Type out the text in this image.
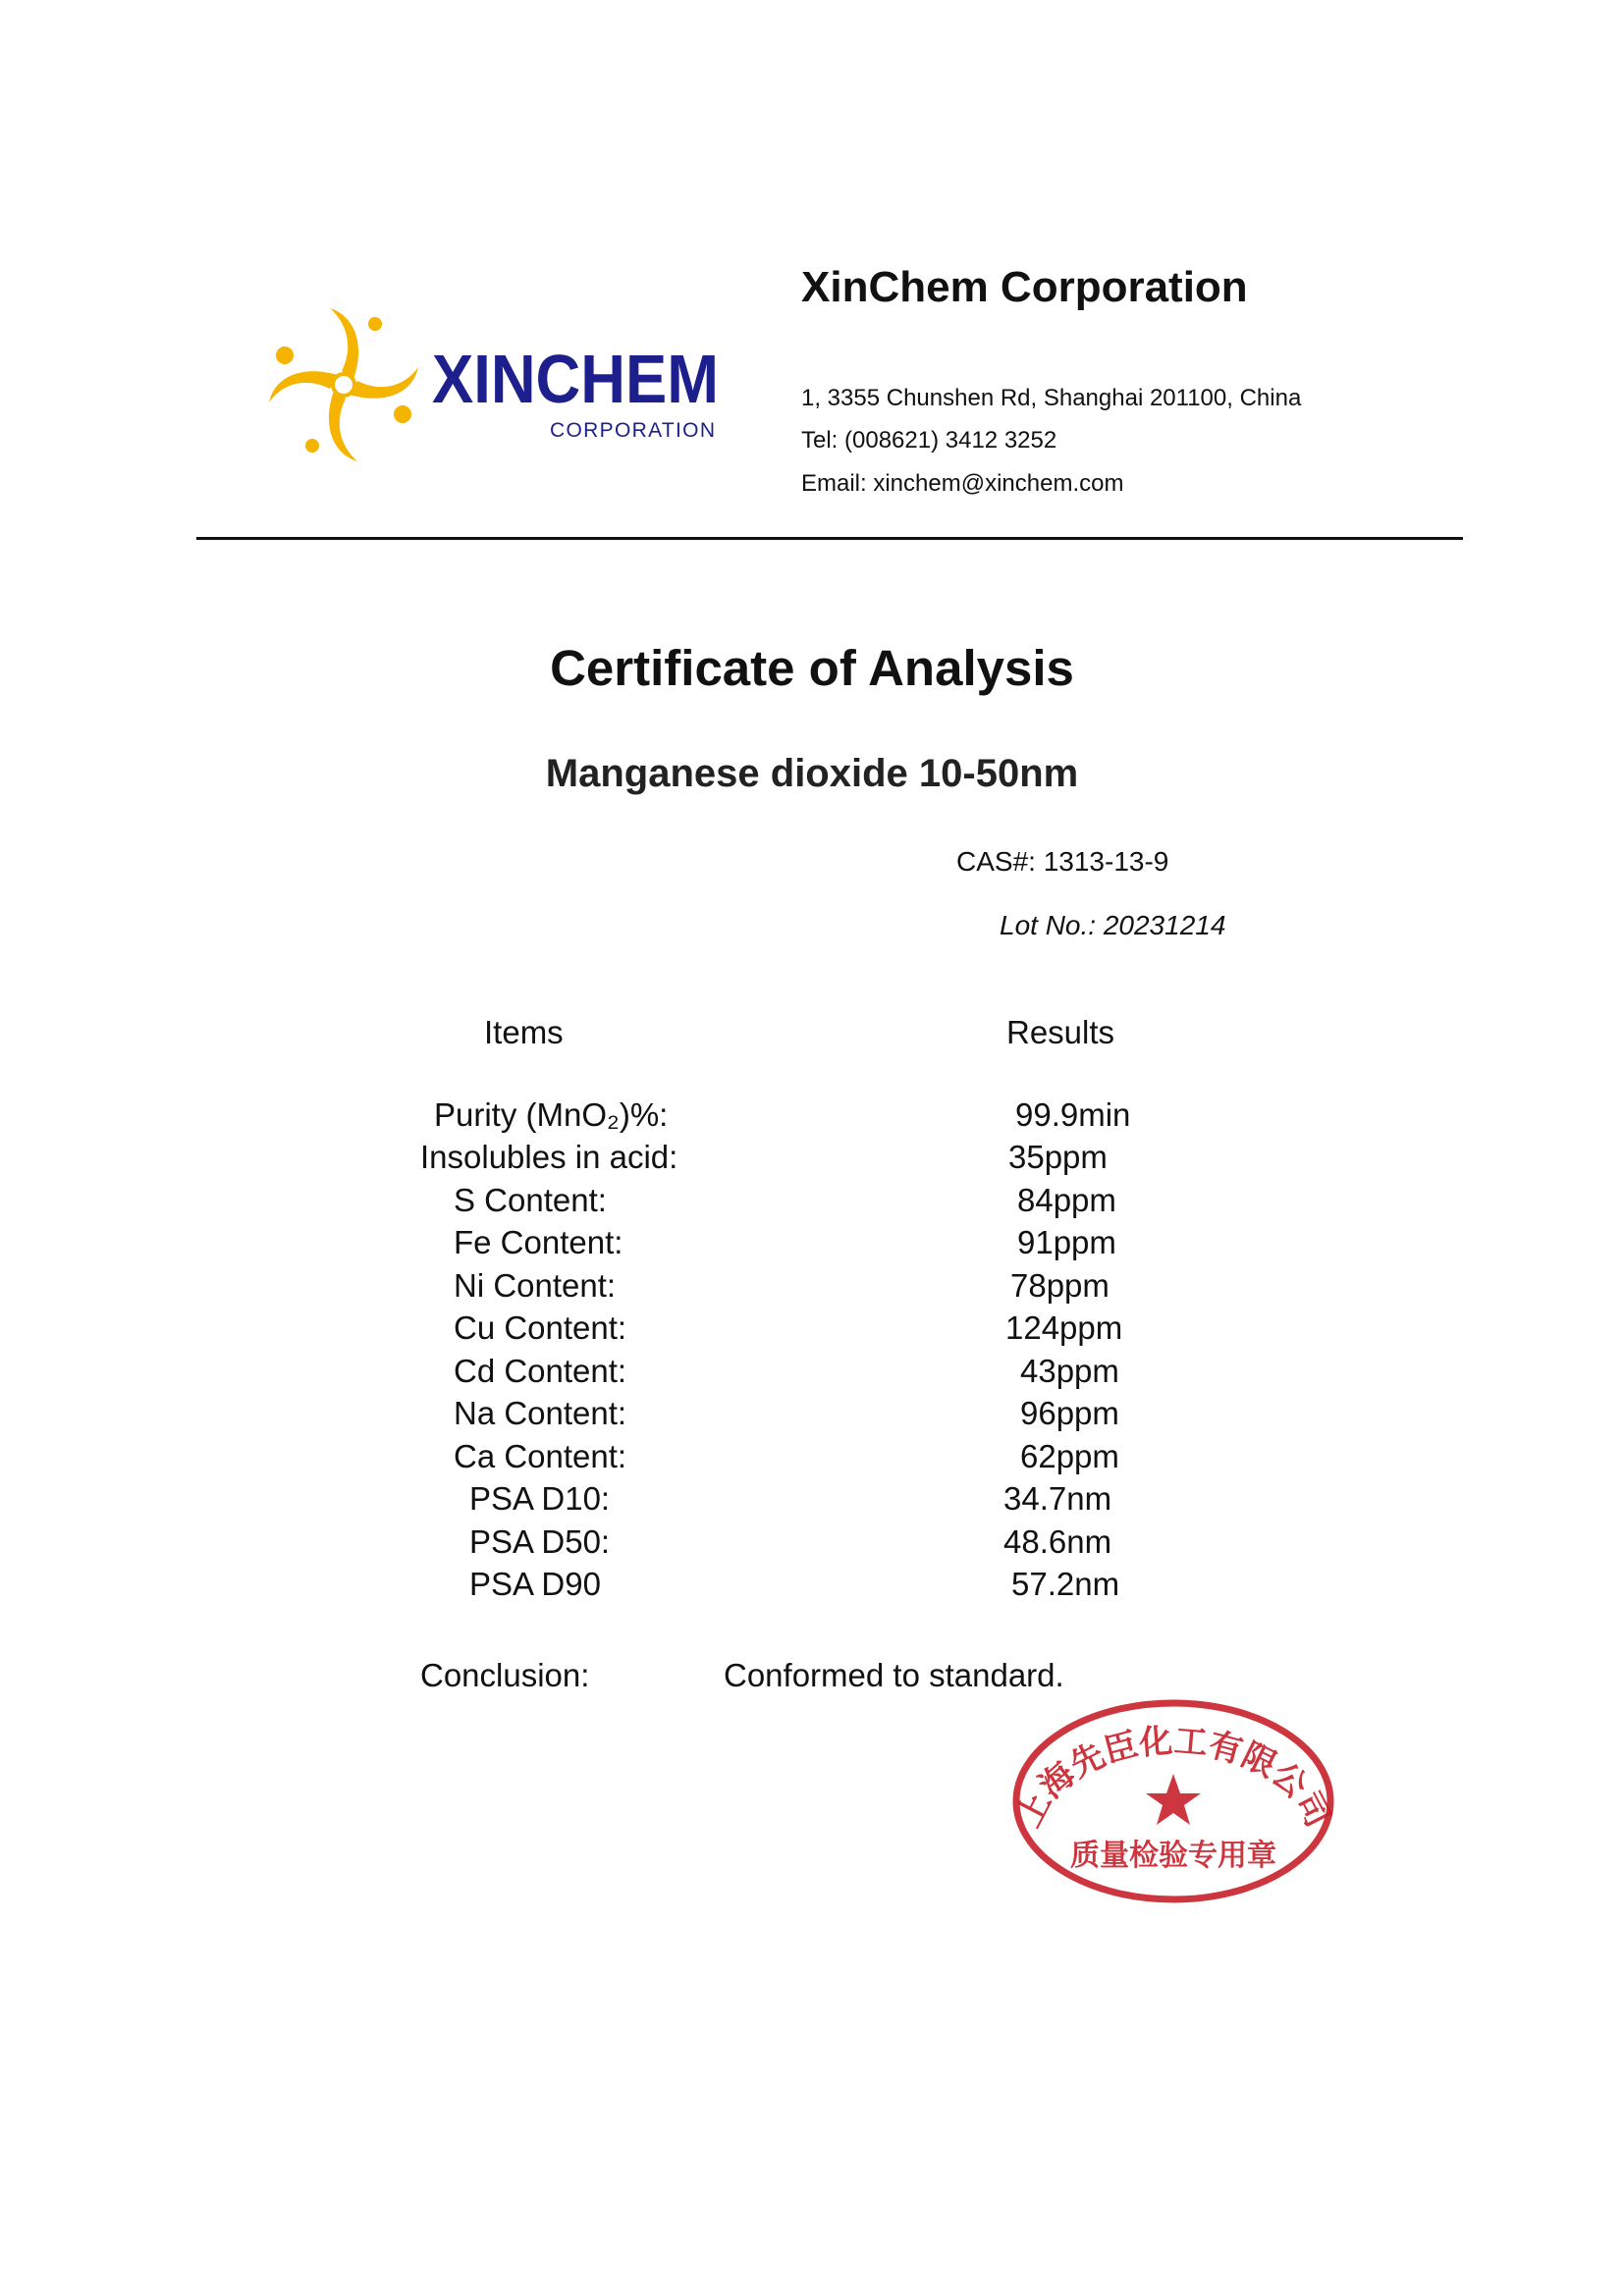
XINCHEM
CORPORATION
XinChem Corporation
1, 3355 Chunshen Rd, Shanghai 201100, China
Tel: (008621) 3412 3252
Email: xinchem@xinchem.com
Certificate of Analysis
Manganese dioxide 10-50nm
CAS#: 1313-13-9
Lot No.: 20231214
Items	Results
Purity (MnO₂)%:	99.9min
Insolubles in acid:	35ppm
S Content:	84ppm
Fe Content:	91ppm
Ni Content:	78ppm
Cu Content:	124ppm
Cd Content:	43ppm
Na Content:	96ppm
Ca Content:	62ppm
PSA D10:	34.7nm
PSA D50:	48.6nm
PSA D90	57.2nm
Conclusion:	Conformed to standard.
上海先臣化工有限公司
质量检验专用章
